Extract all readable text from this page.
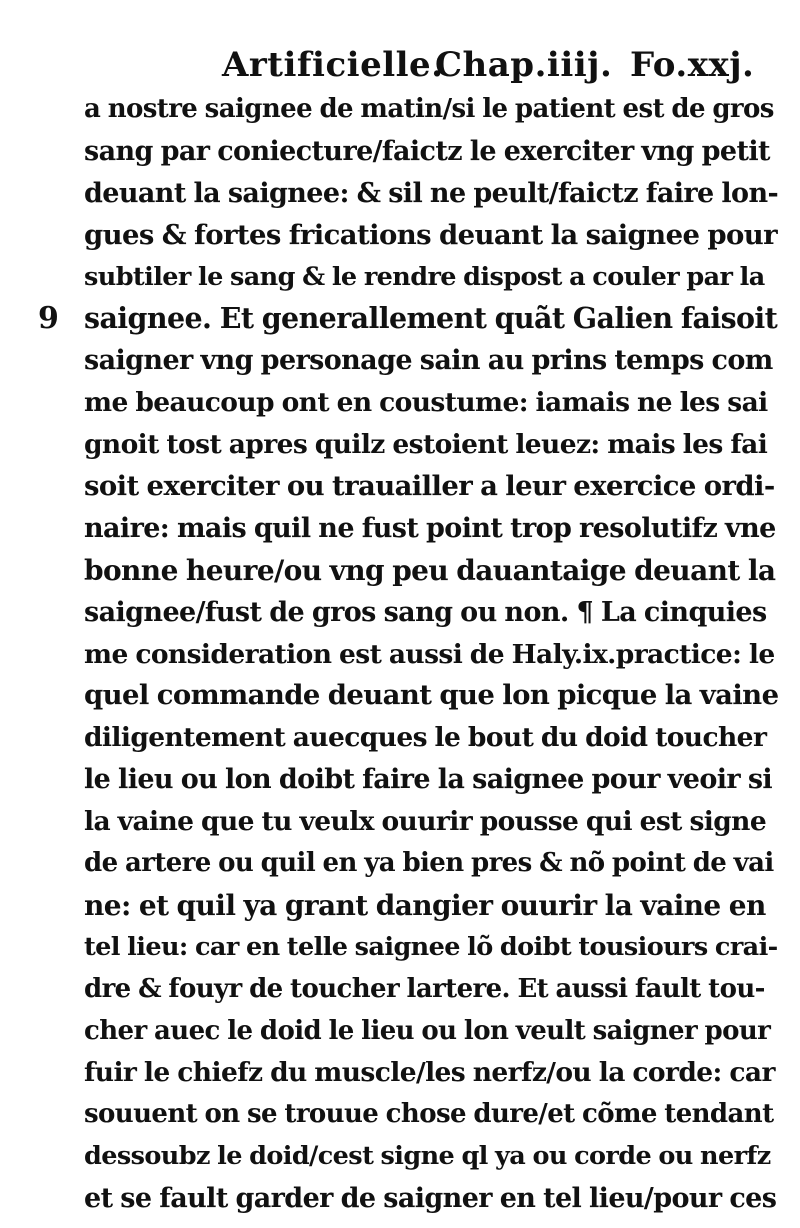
Artificielle.
Chap.iiij. Fo.xxj.
9
a nostre saignee de matin/si le patient est de gros
sang par coniecture/faictz le exerciter vng petit
deuant la saignee: & sil ne peult/faictz faire lon-
gues & fortes frications deuant la saignee pour
subtiler le sang & le rendre dispost a couler par la
saignee. Et generallement quãt Galien faisoit
saigner vng personage sain au prins temps com
me beaucoup ont en coustume: iamais ne les sai
gnoit tost apres quilz estoient leuez: mais les fai
soit exerciter ou trauailler a leur exercice ordi-
naire: mais quil ne fust point trop resolutifz vne
bonne heure/ou vng peu dauantaige deuant la
saignee/fust de gros sang ou non. ¶ La cinquies
me consideration est aussi de Haly.ix.practice: le
quel commande deuant que lon picque la vaine
diligentement auecques le bout du doid toucher
le lieu ou lon doibt faire la saignee pour veoir si
la vaine que tu veulx ouurir pousse qui est signe
de artere ou quil en ya bien pres & nõ point de vai
ne: et quil ya grant dangier ouurir la vaine en
tel lieu: car en telle saignee lõ doibt tousiours crai-
dre & fouyr de toucher lartere. Et aussi fault tou-
cher auec le doid le lieu ou lon veult saigner pour
fuir le chiefz du muscle/les nerfz/ou la corde: car
souuent on se trouue chose dure/et cõme tendant
dessoubz le doid/cest signe ql ya ou corde ou nerfz
et se fault garder de saigner en tel lieu/pour ces
